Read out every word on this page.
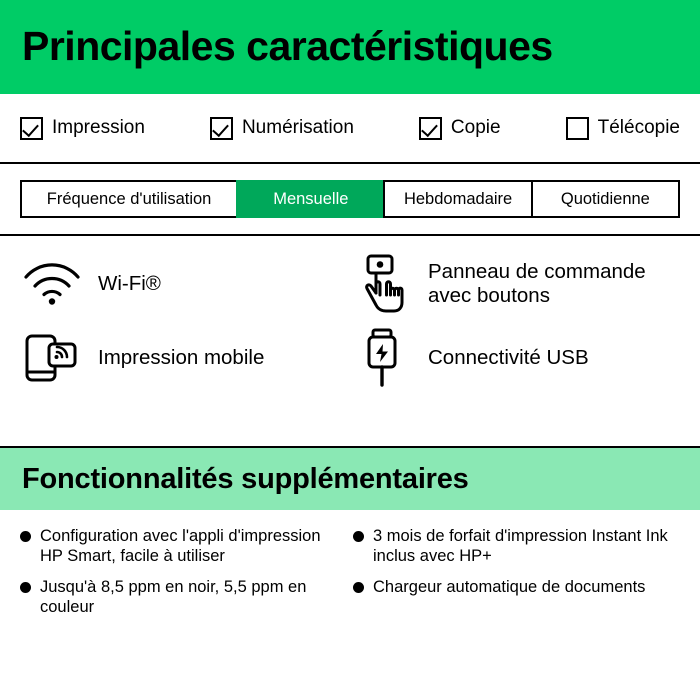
Principales caractéristiques
Impression	Numérisation	Copie	Télécopie
Fréquence d'utilisation	Mensuelle	Hebdomadaire	Quotidienne
Wi-Fi®
Panneau de commande avec boutons
Impression mobile	Connectivité USB
Fonctionnalités supplémentaires
Configuration avec l'appli d'impression HP Smart, facile à utiliser
3 mois de forfait d'impression Instant Ink inclus avec HP+
Jusqu'à 8,5 ppm en noir, 5,5 ppm en couleur
Chargeur automatique de documents
